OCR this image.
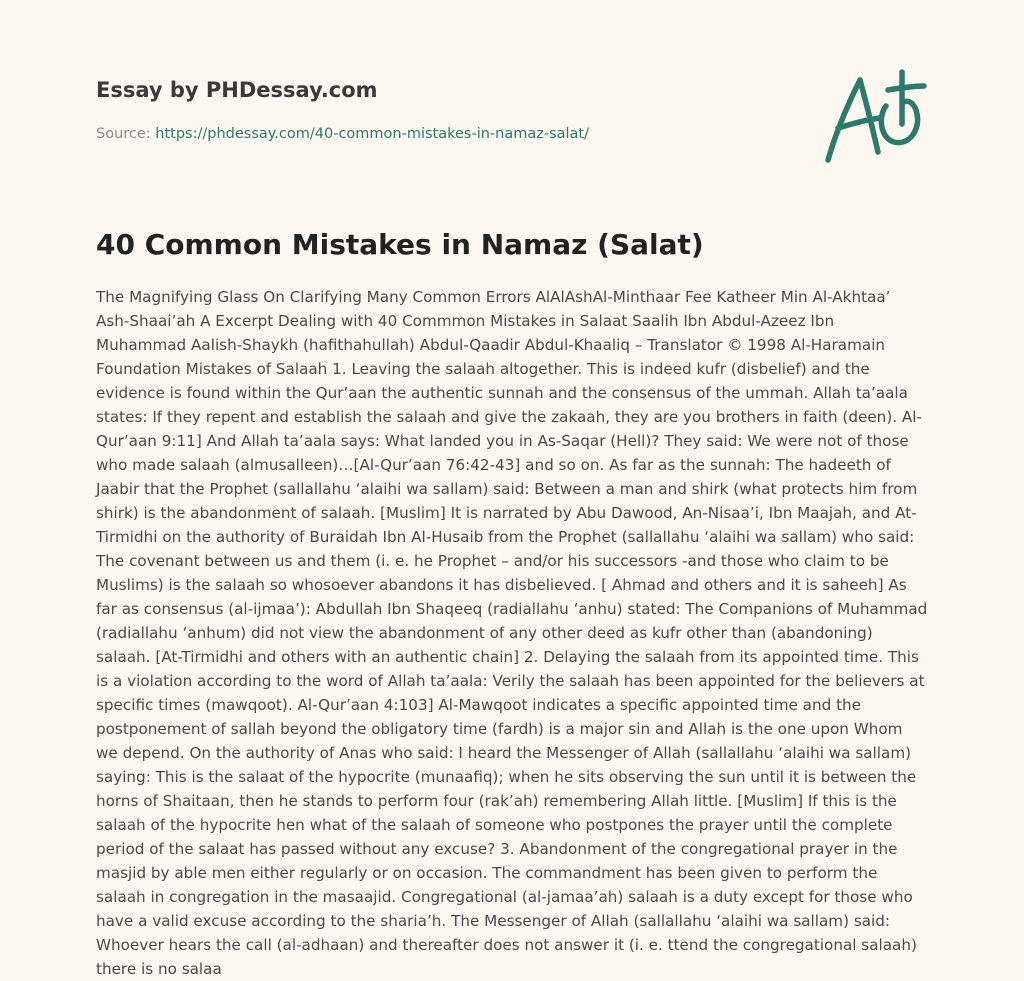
Essay by PHDessay.com

Source: https://phdessay.com/40-common-mistakes-in-namaz-salat/
40 Common Mistakes in Namaz (Salat)

The Magnifying Glass On Clarifying Many Common Errors AlAlAshAl-Minthaar Fee Katheer Min Al-Akhtaa’ Ash-Shaai’ah A Excerpt Dealing with 40 Commmon Mistakes in Salaat Saalih Ibn Abdul-Azeez Ibn Muhammad Aalish-Shaykh (hafithahullah) Abdul-Qaadir Abdul-Khaaliq – Translator © 1998 Al-Haramain Foundation Mistakes of Salaah 1. Leaving the salaah altogether. This is indeed kufr (disbelief) and the evidence is found within the Qur’aan the authentic sunnah and the consensus of the ummah. Allah ta’aala states: If they repent and establish the salaah and give the zakaah, they are you brothers in faith (deen). Al-Qur’aan 9:11] And Allah ta’aala says: What landed you in As-Saqar (Hell)? They said: We were not of those who made salaah (almusalleen)…[Al-Qur’aan 76:42-43] and so on. As far as the sunnah: The hadeeth of Jaabir that the Prophet (sallallahu ‘alaihi wa sallam) said: Between a man and shirk (what protects him from shirk) is the abandonment of salaah. [Muslim] It is narrated by Abu Dawood, An-Nisaa’i, Ibn Maajah, and At-Tirmidhi on the authority of Buraidah Ibn Al-Husaib from the Prophet (sallallahu ‘alaihi wa sallam) who said: The covenant between us and them (i. e. he Prophet – and/or his successors -and those who claim to be Muslims) is the salaah so whosoever abandons it has disbelieved. [ Ahmad and others and it is saheeh] As far as consensus (al-ijmaa’): Abdullah Ibn Shaqeeq (radiallahu ‘anhu) stated: The Companions of Muhammad (radiallahu ‘anhum) did not view the abandonment of any other deed as kufr other than (abandoning) salaah. [At-Tirmidhi and others with an authentic chain] 2. Delaying the salaah from its appointed time. This is a violation according to the word of Allah ta’aala: Verily the salaah has been appointed for the believers at specific times (mawqoot). Al-Qur’aan 4:103] Al-Mawqoot indicates a specific appointed time and the postponement of sallah beyond the obligatory time (fardh) is a major sin and Allah is the one upon Whom we depend. On the authority of Anas who said: I heard the Messenger of Allah (sallallahu ‘alaihi wa sallam) saying: This is the salaat of the hypocrite (munaafiq); when he sits observing the sun until it is between the horns of Shaitaan, then he stands to perform four (rak’ah) remembering Allah little. [Muslim] If this is the salaah of the hypocrite hen what of the salaah of someone who postpones the prayer until the complete period of the salaat has passed without any excuse? 3. Abandonment of the congregational prayer in the masjid by able men either regularly or on occasion. The commandment has been given to perform the salaah in congregation in the masaajid. Congregational (al-jamaa’ah) salaah is a duty except for those who have a valid excuse according to the sharia’h. The Messenger of Allah (sallallahu ‘alaihi wa sallam) said: Whoever hears the call (al-adhaan) and thereafter does not answer it (i. e. ttend the congregational salaah) there is no salaa
